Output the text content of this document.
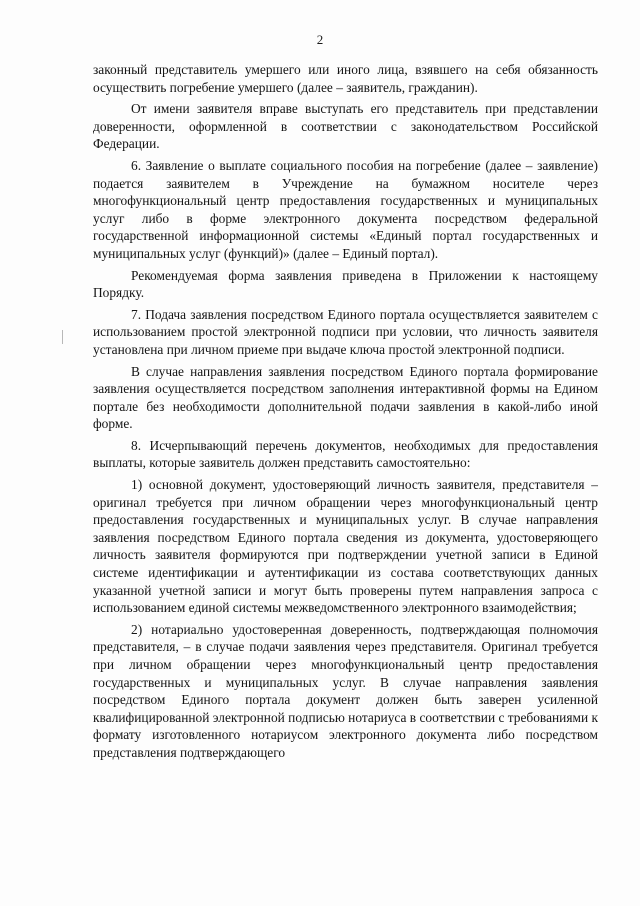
2

законный представитель умершего или иного лица, взявшего на себя обязанность осуществить погребение умершего (далее – заявитель, гражданин).

От имени заявителя вправе выступать его представитель при представлении доверенности, оформленной в соответствии с законодательством Российской Федерации.

6. Заявление о выплате социального пособия на погребение (далее – заявление) подается заявителем в Учреждение на бумажном носителе через многофункциональный центр предоставления государственных и муниципальных услуг либо в форме электронного документа посредством федеральной государственной информационной системы «Единый портал государственных и муниципальных услуг (функций)» (далее – Единый портал).

Рекомендуемая форма заявления приведена в Приложении к настоящему Порядку.

7. Подача заявления посредством Единого портала осуществляется заявителем с использованием простой электронной подписи при условии, что личность заявителя установлена при личном приеме при выдаче ключа простой электронной подписи.

В случае направления заявления посредством Единого портала формирование заявления осуществляется посредством заполнения интерактивной формы на Едином портале без необходимости дополнительной подачи заявления в какой-либо иной форме.

8. Исчерпывающий перечень документов, необходимых для предоставления выплаты, которые заявитель должен представить самостоятельно:

1) основной документ, удостоверяющий личность заявителя, представителя – оригинал требуется при личном обращении через многофункциональный центр предоставления государственных и муниципальных услуг. В случае направления заявления посредством Единого портала сведения из документа, удостоверяющего личность заявителя формируются при подтверждении учетной записи в Единой системе идентификации и аутентификации из состава соответствующих данных указанной учетной записи и могут быть проверены путем направления запроса с использованием единой системы межведомственного электронного взаимодействия;

2) нотариально удостоверенная доверенность, подтверждающая полномочия представителя, – в случае подачи заявления через представителя. Оригинал требуется при личном обращении через многофункциональный центр предоставления государственных и муниципальных услуг. В случае направления заявления посредством Единого портала документ должен быть заверен усиленной квалифицированной электронной подписью нотариуса в соответствии с требованиями к формату изготовленного нотариусом электронного документа либо посредством представления подтверждающего
